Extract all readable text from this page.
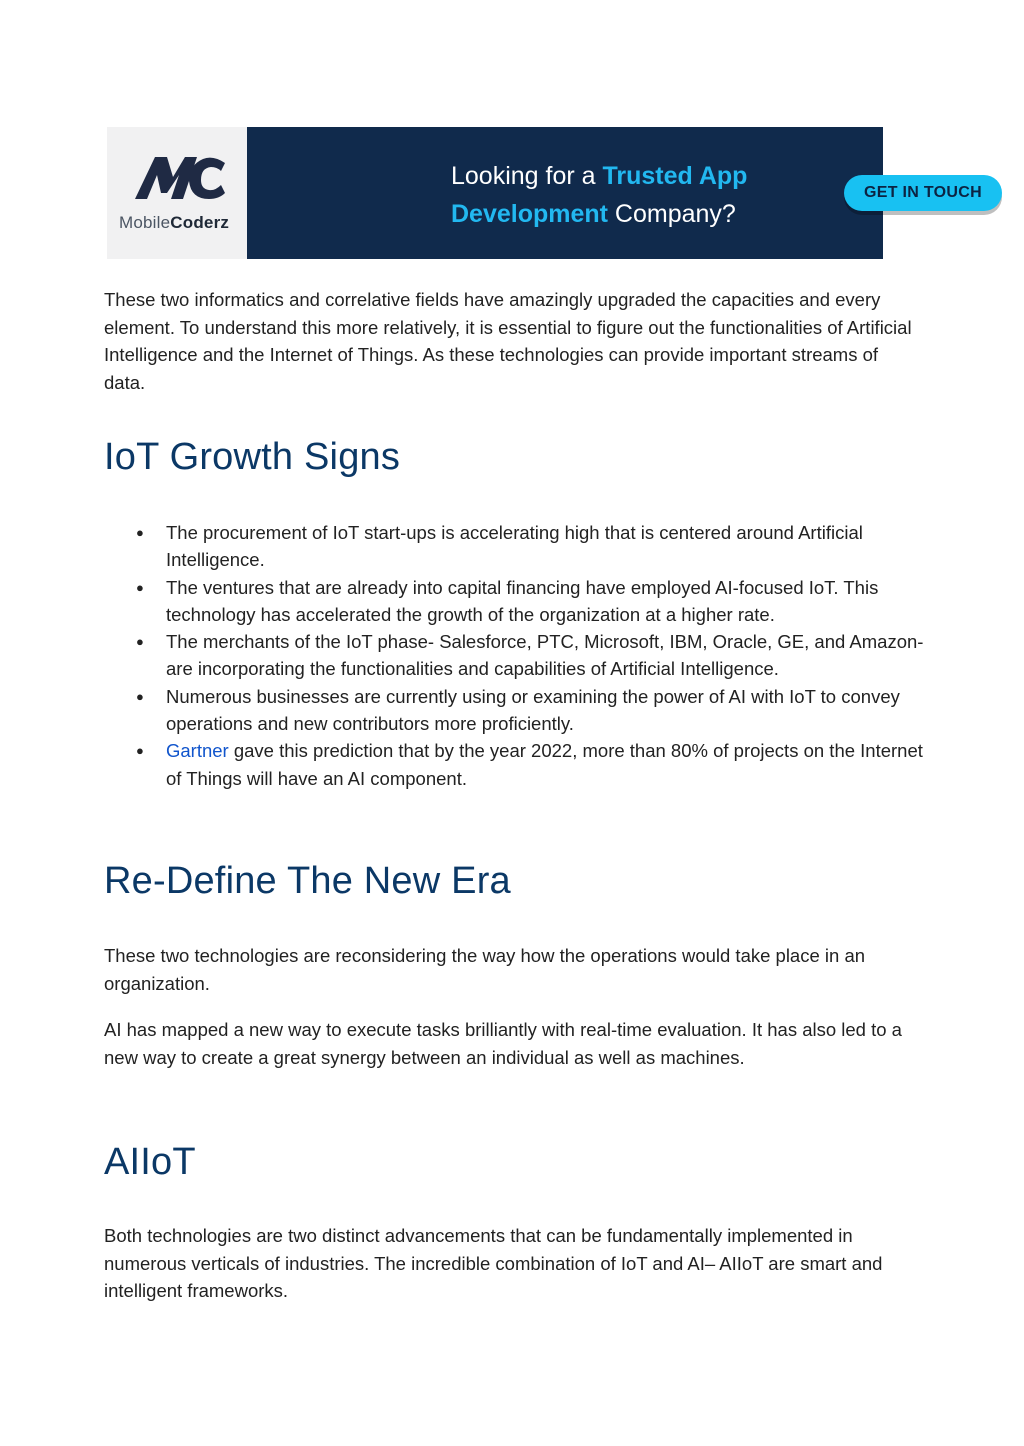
MobileCoderz
Looking for a Trusted App
Development Company?
GET IN TOUCH

These two informatics and correlative fields have amazingly upgraded the capacities and every element. To understand this more relatively, it is essential to figure out the functionalities of Artificial Intelligence and the Internet of Things. As these technologies can provide important streams of data.

IoT Growth Signs
● The procurement of IoT start-ups is accelerating high that is centered around Artificial Intelligence.
● The ventures that are already into capital financing have employed AI-focused IoT. This technology has accelerated the growth of the organization at a higher rate.
● The merchants of the IoT phase- Salesforce, PTC, Microsoft, IBM, Oracle, GE, and Amazon- are incorporating the functionalities and capabilities of Artificial Intelligence.
● Numerous businesses are currently using or examining the power of AI with IoT to convey operations and new contributors more proficiently.
● Gartner gave this prediction that by the year 2022, more than 80% of projects on the Internet of Things will have an AI component.
Re-Define The New Era

These two technologies are reconsidering the way how the operations would take place in an organization.

AI has mapped a new way to execute tasks brilliantly with real-time evaluation. It has also led to a new way to create a great synergy between an individual as well as machines.

AIIoT

Both technologies are two distinct advancements that can be fundamentally implemented in numerous verticals of industries. The incredible combination of IoT and AI– AIIoT are smart and intelligent frameworks.
